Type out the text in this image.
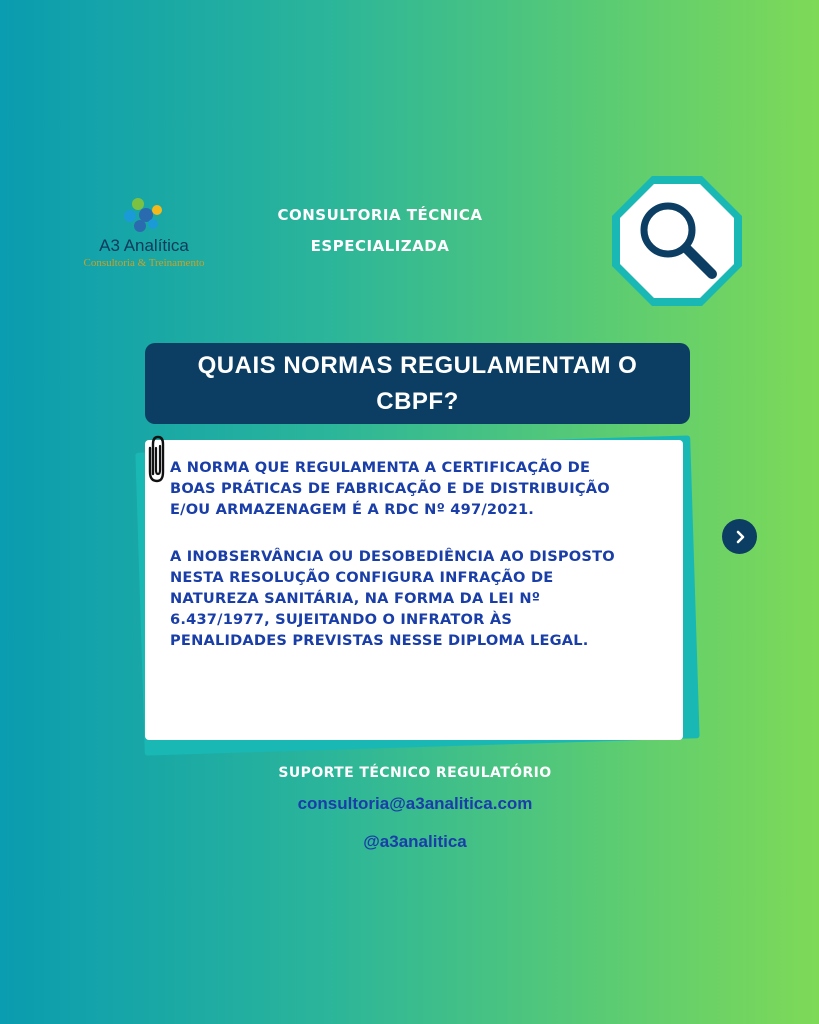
A3 Analítica
Consultoria & Treinamento
CONSULTORIA TÉCNICA
ESPECIALIZADA
QUAIS NORMAS REGULAMENTAM O
CBPF?

A NORMA QUE REGULAMENTA A CERTIFICAÇÃO DE
BOAS PRÁTICAS DE FABRICAÇÃO E DE DISTRIBUIÇÃO
E/OU ARMAZENAGEM É A RDC Nº 497/2021.

A INOBSERVÂNCIA OU DESOBEDIÊNCIA AO DISPOSTO
NESTA RESOLUÇÃO CONFIGURA INFRAÇÃO DE
NATUREZA SANITÁRIA, NA FORMA DA LEI Nº
6.437/1977, SUJEITANDO O INFRATOR ÀS
PENALIDADES PREVISTAS NESSE DIPLOMA LEGAL.

SUPORTE TÉCNICO REGULATÓRIO
consultoria@a3analitica.com
@a3analitica
